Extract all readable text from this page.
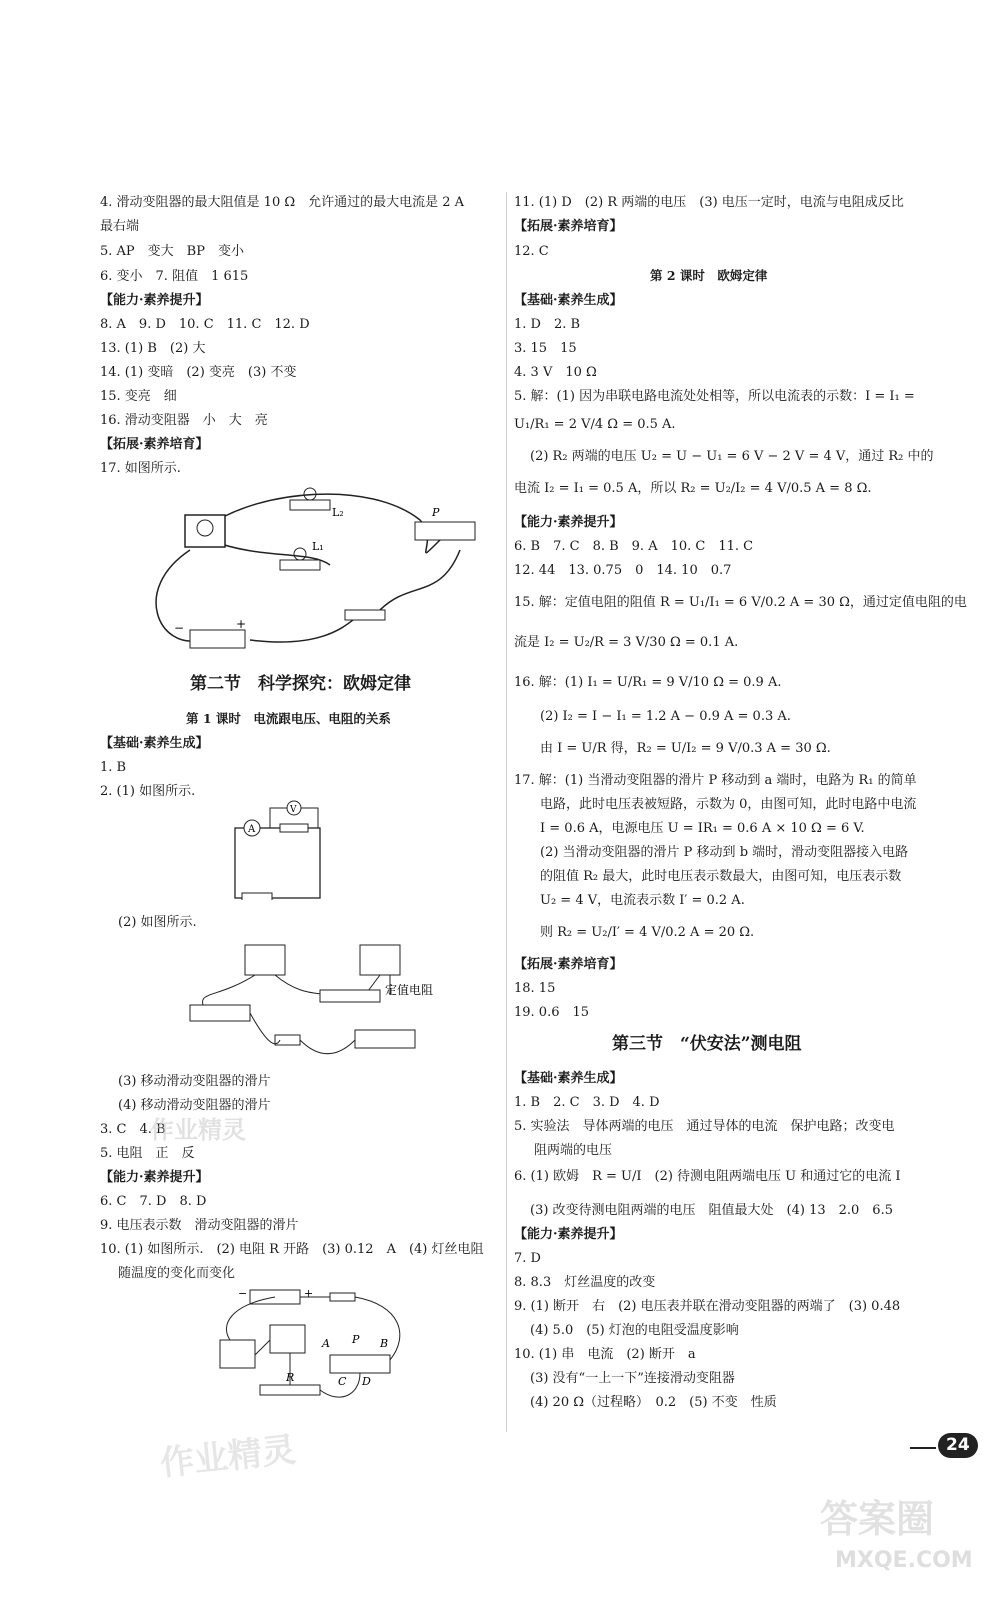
4. 滑动变阻器的最大阻值是 10 Ω　允许通过的最大电流是 2 A
最右端
5. AP　变大　BP　变小
6. 变小　7. 阻值　1 615
【能力·素养提升】
8. A　9. D　10. C　11. C　12. D
13. (1) B　(2) 大
14. (1) 变暗　(2) 变亮　(3) 不变
15. 变亮　细
16. 滑动变阻器　小　大　亮
【拓展·素养培育】
17. 如图所示.
第二节　科学探究：欧姆定律
第 1 课时　电流跟电压、电阻的关系
【基础·素养生成】
1. B
2. (1) 如图所示.
(2) 如图所示.
(3) 移动滑动变阻器的滑片
(4) 移动滑动变阻器的滑片
3. C　4. B
5. 电阻　正　反
【能力·素养提升】
6. C　7. D　8. D
9. 电压表示数　滑动变阻器的滑片
10. (1) 如图所示.　(2) 电阻 R 开路　(3) 0.12　A　(4) 灯丝电阻
随温度的变化而变化
11. (1) D　(2) R 两端的电压　(3) 电压一定时，电流与电阻成反比
【拓展·素养培育】
12. C
第 2 课时　欧姆定律
【基础·素养生成】
1. D　2. B
3. 15　15
4. 3 V　10 Ω
5. 解：(1) 因为串联电路电流处处相等，所以电流表的示数：I = I₁ =
U₁/R₁ = 2 V/4 Ω = 0.5 A.
(2) R₂ 两端的电压 U₂ = U − U₁ = 6 V − 2 V = 4 V，通过 R₂ 中的
电流 I₂ = I₁ = 0.5 A，所以 R₂ = U₂/I₂ = 4 V/0.5 A = 8 Ω.
【能力·素养提升】
6. B　7. C　8. B　9. A　10. C　11. C
12. 44　13. 0.75　0　14. 10　0.7
15. 解：定值电阻的阻值 R = U₁/I₁ = 6 V/0.2 A = 30 Ω，通过定值电阻的电
流是 I₂ = U₂/R = 3 V/30 Ω = 0.1 A.
16. 解：(1) I₁ = U/R₁ = 9 V/10 Ω = 0.9 A.
(2) I₂ = I − I₁ = 1.2 A − 0.9 A = 0.3 A.
由 I = U/R 得，R₂ = U/I₂ = 9 V/0.3 A = 30 Ω.
17. 解：(1) 当滑动变阻器的滑片 P 移动到 a 端时，电路为 R₁ 的简单
电路，此时电压表被短路，示数为 0，由图可知，此时电路中电流
I = 0.6 A，电源电压 U = IR₁ = 0.6 A × 10 Ω = 6 V.
(2) 当滑动变阻器的滑片 P 移动到 b 端时，滑动变阻器接入电路
的阻值 R₂ 最大，此时电压表示数最大，由图可知，电压表示数
U₂ = 4 V，电流表示数 I′ = 0.2 A.
则 R₂ = U₂/I′ = 4 V/0.2 A = 20 Ω.
【拓展·素养培育】
18. 15
19. 0.6　15
第三节　“伏安法”测电阻
【基础·素养生成】
1. B　2. C　3. D　4. D
5. 实验法　导体两端的电压　通过导体的电流　保护电路；改变电
阻两端的电压
6. (1) 欧姆　R = U/I　(2) 待测电阻两端电压 U 和通过它的电流 I
(3) 改变待测电阻两端的电压　阻值最大处　(4) 13　2.0　6.5
【能力·素养提升】
7. D
8. 8.3　灯丝温度的改变
9. (1) 断开　右　(2) 电压表并联在滑动变阻器的两端了　(3) 0.48
(4) 5.0　(5) 灯泡的电阻受温度影响
10. (1) 串　电流　(2) 断开　a
(3) 没有“一上一下”连接滑动变阻器
(4) 20 Ω（过程略）　0.2　(5) 不变　性质
L₂
L₁
P
−	+
A
V
定值电阻
−	+
R
A P B
C D
24
作业精灵
作业精灵
答案圈
MXQE.COM
